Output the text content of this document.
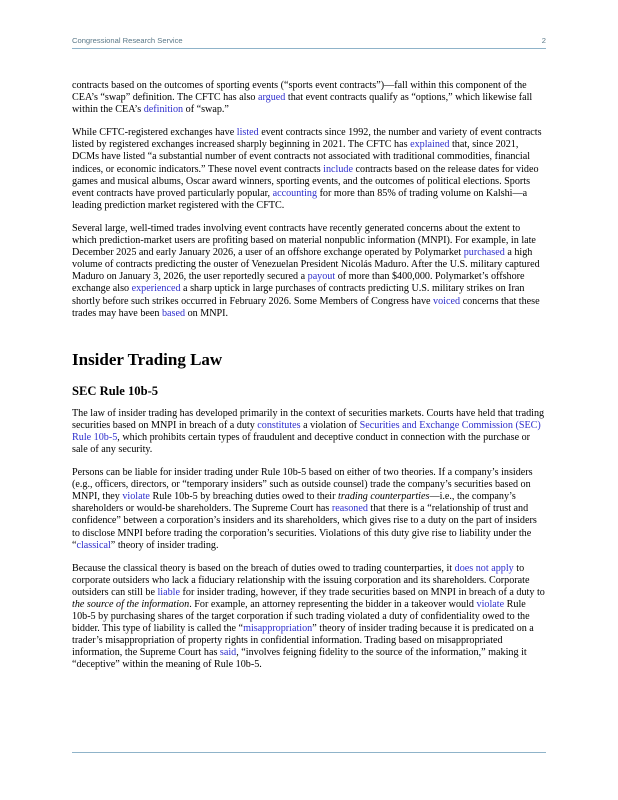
Congressional Research Service	2

contracts based on the outcomes of sporting events (“sports event contracts”)—fall within this component of the CEA’s “swap” definition. The CFTC has also argued that event contracts qualify as “options,” which likewise fall within the CEA’s definition of “swap.”

While CFTC-registered exchanges have listed event contracts since 1992, the number and variety of event contracts listed by registered exchanges increased sharply beginning in 2021. The CFTC has explained that, since 2021, DCMs have listed “a substantial number of event contracts not associated with traditional commodities, financial indices, or economic indicators.” These novel event contracts include contracts based on the release dates for video games and musical albums, Oscar award winners, sporting events, and the outcomes of political elections. Sports event contracts have proved particularly popular, accounting for more than 85% of trading volume on Kalshi—a leading prediction market registered with the CFTC.

Several large, well-timed trades involving event contracts have recently generated concerns about the extent to which prediction-market users are profiting based on material nonpublic information (MNPI). For example, in late December 2025 and early January 2026, a user of an offshore exchange operated by Polymarket purchased a high volume of contracts predicting the ouster of Venezuelan President Nicolás Maduro. After the U.S. military captured Maduro on January 3, 2026, the user reportedly secured a payout of more than $400,000. Polymarket’s offshore exchange also experienced a sharp uptick in large purchases of contracts predicting U.S. military strikes on Iran shortly before such strikes occurred in February 2026. Some Members of Congress have voiced concerns that these trades may have been based on MNPI.

Insider Trading Law
SEC Rule 10b-5

The law of insider trading has developed primarily in the context of securities markets. Courts have held that trading securities based on MNPI in breach of a duty constitutes a violation of Securities and Exchange Commission (SEC) Rule 10b-5, which prohibits certain types of fraudulent and deceptive conduct in connection with the purchase or sale of any security.

Persons can be liable for insider trading under Rule 10b-5 based on either of two theories. If a company’s insiders (e.g., officers, directors, or “temporary insiders” such as outside counsel) trade the company’s securities based on MNPI, they violate Rule 10b-5 by breaching duties owed to their trading counterparties—i.e., the company’s shareholders or would-be shareholders. The Supreme Court has reasoned that there is a “relationship of trust and confidence” between a corporation’s insiders and its shareholders, which gives rise to a duty on the part of insiders to disclose MNPI before trading the corporation’s securities. Violations of this duty give rise to liability under the “classical” theory of insider trading.

Because the classical theory is based on the breach of duties owed to trading counterparties, it does not apply to corporate outsiders who lack a fiduciary relationship with the issuing corporation and its shareholders. Corporate outsiders can still be liable for insider trading, however, if they trade securities based on MNPI in breach of a duty to the source of the information. For example, an attorney representing the bidder in a takeover would violate Rule 10b-5 by purchasing shares of the target corporation if such trading violated a duty of confidentiality owed to the bidder. This type of liability is called the “misappropriation” theory of insider trading because it is predicated on a trader’s misappropriation of property rights in confidential information. Trading based on misappropriated information, the Supreme Court has said, “involves feigning fidelity to the source of the information,” making it “deceptive” within the meaning of Rule 10b-5.
